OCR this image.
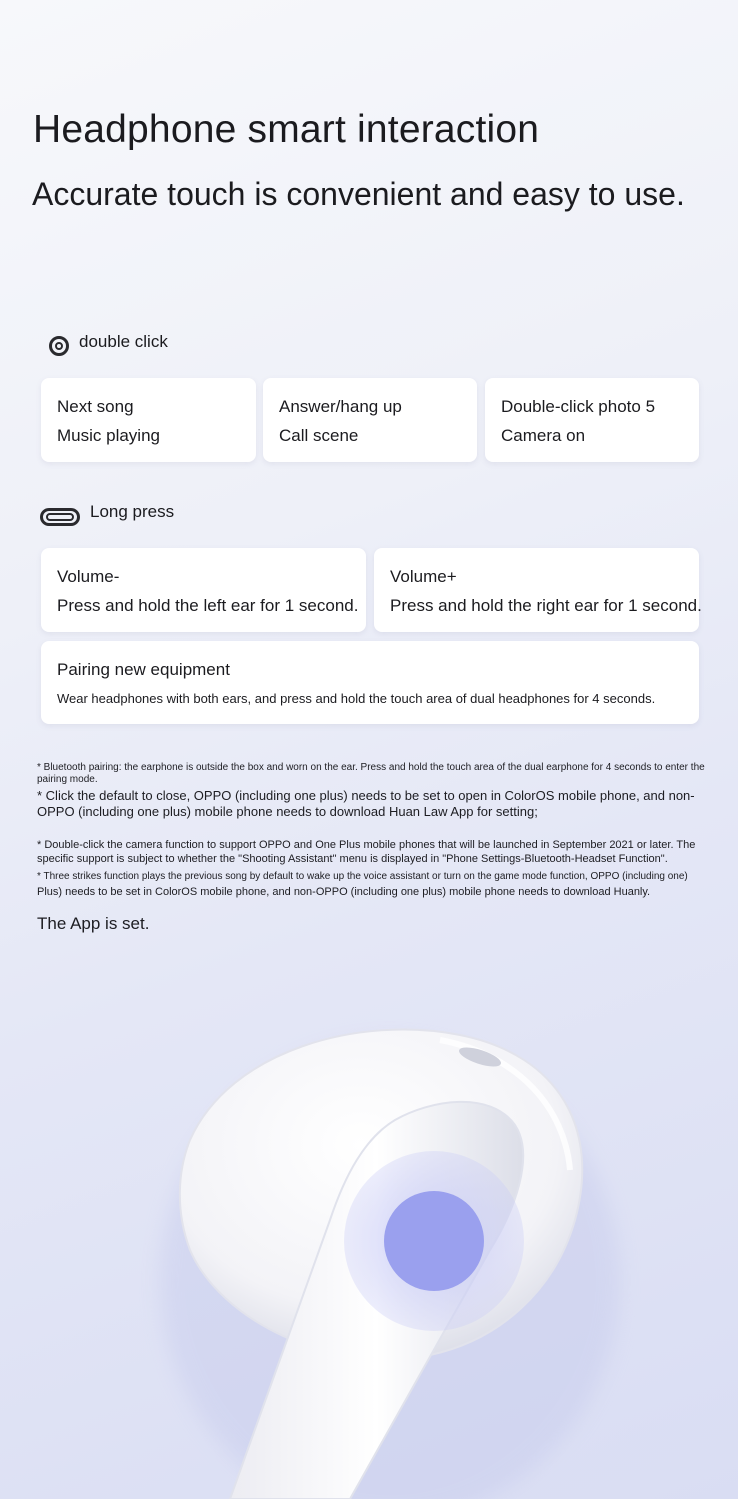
Headphone smart interaction
Accurate touch is convenient and easy to use.
double click
Next song
Music playing
Answer/hang up
Call scene
Double-click photo 5
Camera on
Long press
Volume-
Press and hold the left ear for 1 second.
Volume+
Press and hold the right ear for 1 second.
Pairing new equipment
Wear headphones with both ears, and press and hold the touch area of dual headphones for 4 seconds.

* Bluetooth pairing: the earphone is outside the box and worn on the ear. Press and hold the touch area of the dual earphone for 4 seconds to enter the pairing mode.

* Click the default to close, OPPO (including one plus) needs to be set to open in ColorOS mobile phone, and non-OPPO (including one plus) mobile phone needs to download Huan Law App for setting;

* Double-click the camera function to support OPPO and One Plus mobile phones that will be launched in September 2021 or later. The specific support is subject to whether the "Shooting Assistant" menu is displayed in "Phone Settings-Bluetooth-Headset Function".

* Three strikes function plays the previous song by default to wake up the voice assistant or turn on the game mode function, OPPO (including one)

Plus) needs to be set in ColorOS mobile phone, and non-OPPO (including one plus) mobile phone needs to download Huanly.

The App is set.
